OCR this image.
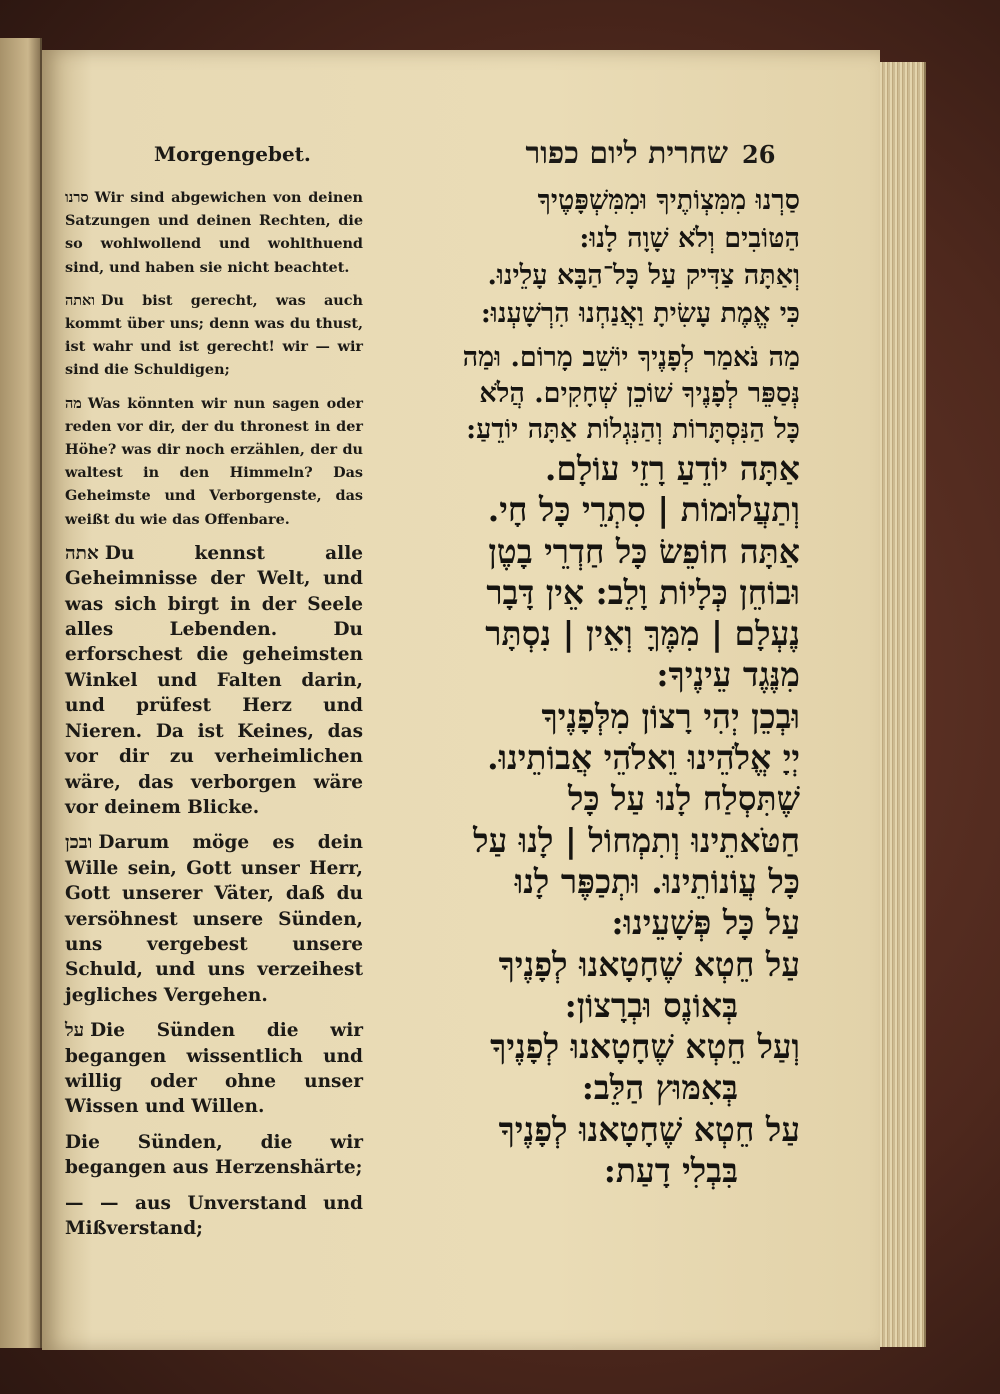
Morgengebet.	שחרית ליום כפור 26

סרנו Wir sind abgewichen von deinen Satzungen und deinen Rechten, die so wohlwollend und wohlthuend sind, und haben sie nicht beachtet.

ואתה Du bist gerecht, was auch kommt über uns; denn was du thust, ist wahr und ist gerecht! wir — wir sind die Schuldigen;

מה Was könnten wir nun sagen oder reden vor dir, der du thronest in der Höhe? was dir noch erzählen, der du waltest in den Himmeln? Das Geheimste und Verborgenste, das weißt du wie das Offenbare.

אתה Du kennst alle Geheimnisse der Welt, und was sich birgt in der Seele alles Lebenden. Du erforschest die geheimsten Winkel und Falten darin, und prüfest Herz und Nieren. Da ist Keines, das vor dir zu verheimlichen wäre, das verborgen wäre vor deinem Blicke.

ובכן Darum möge es dein Wille sein, Gott unser Herr, Gott unserer Väter, daß du versöhnest unsere Sünden, uns vergebest unsere Schuld, und uns verzeihest jegliches Vergehen.

על Die Sünden die wir begangen wissentlich und willig oder ohne unser Wissen und Willen.

Die Sünden, die wir begangen aus Herzenshärte;

— — aus Unverstand und Mißverstand;

סַרְנוּ מִמִּצְוֹתֶיךָ וּמִמִּשְׁפָּטֶיךָ
הַטּוֹבִים וְלֹא שָׁוָה לָנוּ:
וְאַתָּה צַדִּיק עַל כָּל־הַבָּא עָלֵינוּ.
כִּי אֱמֶת עָשִׂיתָ וַאֲנַחְנוּ הִרְשָׁעְנוּ:
מַה נֹּאמַר לְפָנֶיךָ יוֹשֵׁב מָרוֹם. וּמַה
נְּסַפֵּר לְפָנֶיךָ שׁוֹכֵן שְׁחָקִים. הֲלֹא
כָּל הַנִּסְתָּרוֹת וְהַנִּגְלוֹת אַתָּה יוֹדֵעַ:
אַתָּה יוֹדֵעַ רָזֵי עוֹלָם.
וְתַעֲלוּמוֹת | סִתְרֵי כָּל חָי.
אַתָּה חוֹפֵשׂ כָּל חַדְרֵי בָטֶן
וּבוֹחֵן כְּלָיוֹת וָלֵב: אֵין דָּבָר
נֶעְלָם | מִמֶּךָּ וְאֵין | נִסְתָּר
מִנֶּגֶד עֵינֶיךָ:
וּבְכֵן יְהִי רָצוֹן מִלְּפָנֶיךָ
יְיָ אֱלֹהֵינוּ וֵאלֹהֵי אֲבוֹתֵינוּ.
שֶׁתִּסְלַח לָנוּ עַל כָּל
חַטֹּאתֵינוּ וְתִמְחוֹל | לָנוּ עַל
כָּל עֲוֹנוֹתֵינוּ. וּתְכַפֶּר לָנוּ
עַל כָּל פְּשָׁעֵינוּ:
עַל חֵטְא שֶׁחָטָאנוּ לְפָנֶיךָ
בְּאוֹנֶס וּבְרָצוֹן:
וְעַל חֵטְא שֶׁחָטָאנוּ לְפָנֶיךָ
בְּאִמּוּץ הַלֵּב:
עַל חֵטְא שֶׁחָטָאנוּ לְפָנֶיךָ
בִּבְלִי דָעַת:
